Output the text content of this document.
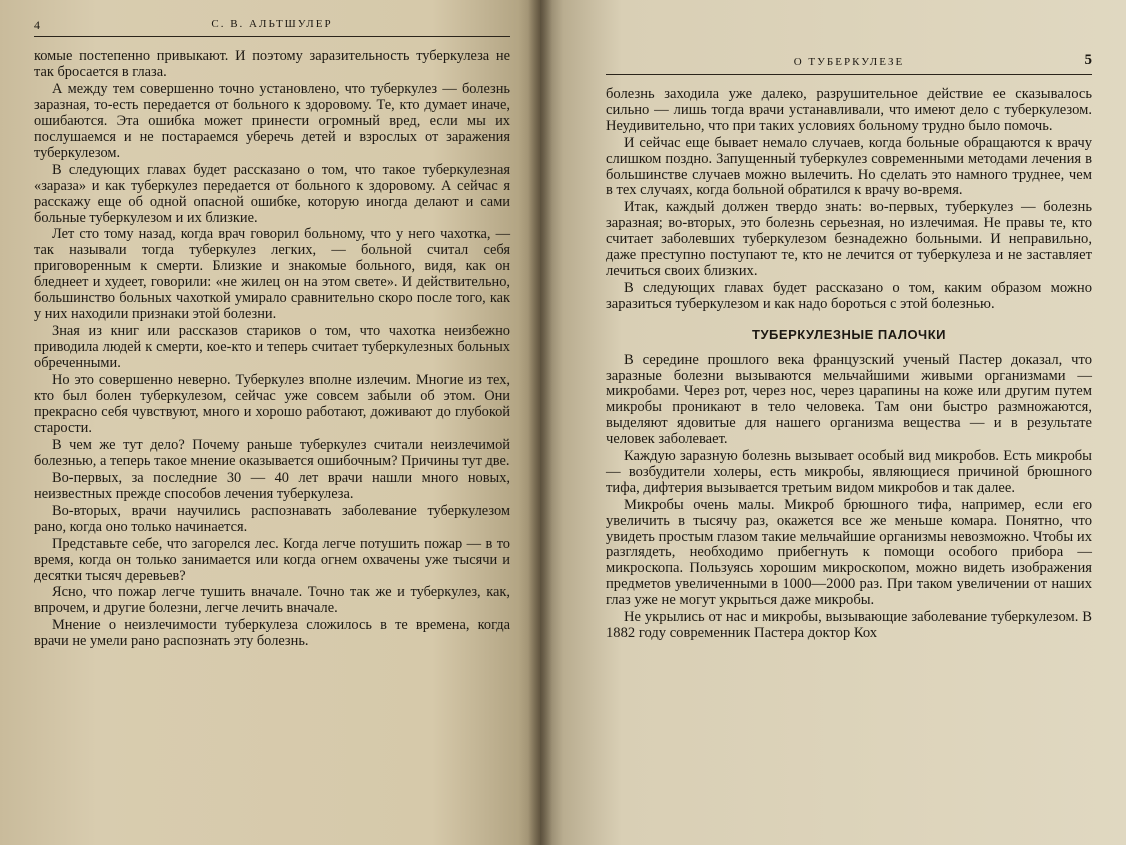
4	С. В. АЛЬТШУЛЕР

комые постепенно привыкают. И поэтому заразительность туберкулеза не так бросается в глаза.

А между тем совершенно точно установлено, что туберкулез — болезнь заразная, то-есть передается от больного к здоровому. Те, кто думает иначе, ошибаются. Эта ошибка может принести огромный вред, если мы их послушаемся и не постараемся уберечь детей и взрослых от заражения туберкулезом.

В следующих главах будет рассказано о том, что такое туберкулезная «зараза» и как туберкулез передается от больного к здоровому. А сейчас я расскажу еще об одной опасной ошибке, которую иногда делают и сами больные туберкулезом и их близкие.

Лет сто тому назад, когда врач говорил больному, что у него чахотка, — так называли тогда туберкулез легких, — больной считал себя приговоренным к смерти. Близкие и знакомые больного, видя, как он бледнеет и худеет, говорили: «не жилец он на этом свете». И действительно, большинство больных чахоткой умирало сравнительно скоро после того, как у них находили признаки этой болезни.

Зная из книг или рассказов стариков о том, что чахотка неизбежно приводила людей к смерти, кое-кто и теперь считает туберкулезных больных обреченными.

Но это совершенно неверно. Туберкулез вполне излечим. Многие из тех, кто был болен туберкулезом, сейчас уже совсем забыли об этом. Они прекрасно себя чувствуют, много и хорошо работают, доживают до глубокой старости.

В чем же тут дело? Почему раньше туберкулез считали неизлечимой болезнью, а теперь такое мнение оказывается ошибочным? Причины тут две.

Во-первых, за последние 30 — 40 лет врачи нашли много новых, неизвестных прежде способов лечения туберкулеза.

Во-вторых, врачи научились распознавать заболевание туберкулезом рано, когда оно только начинается.

Представьте себе, что загорелся лес. Когда легче потушить пожар — в то время, когда он только занимается или когда огнем охвачены уже тысячи и десятки тысяч деревьев?

Ясно, что пожар легче тушить вначале. Точно так же и туберкулез, как, впрочем, и другие болезни, легче лечить вначале.

Мнение о неизлечимости туберкулеза сложилось в те времена, когда врачи не умели рано распознать эту болезнь.

О ТУБЕРКУЛЕЗЕ	5

болезнь заходила уже далеко, разрушительное действие ее сказывалось сильно — лишь тогда врачи устанавливали, что имеют дело с туберкулезом. Неудивительно, что при таких условиях больному трудно было помочь.

И сейчас еще бывает немало случаев, когда больные обращаются к врачу слишком поздно. Запущенный туберкулез современными методами лечения в большинстве случаев можно вылечить. Но сделать это намного труднее, чем в тех случаях, когда больной обратился к врачу во-время.

Итак, каждый должен твердо знать: во-первых, туберкулез — болезнь заразная; во-вторых, это болезнь серьезная, но излечимая. Не правы те, кто считает заболевших туберкулезом безнадежно больными. И неправильно, даже преступно поступают те, кто не лечится от туберкулеза и не заставляет лечиться своих близких.

В следующих главах будет рассказано о том, каким образом можно заразиться туберкулезом и как надо бороться с этой болезнью.

ТУБЕРКУЛЕЗНЫЕ ПАЛОЧКИ

В середине прошлого века французский ученый Пастер доказал, что заразные болезни вызываются мельчайшими живыми организмами — микробами. Через рот, через нос, через царапины на коже или другим путем микробы проникают в тело человека. Там они быстро размножаются, выделяют ядовитые для нашего организма вещества — и в результате человек заболевает.

Каждую заразную болезнь вызывает особый вид микробов. Есть микробы — возбудители холеры, есть микробы, являющиеся причиной брюшного тифа, дифтерия вызывается третьим видом микробов и так далее.

Микробы очень малы. Микроб брюшного тифа, например, если его увеличить в тысячу раз, окажется все же меньше комара. Понятно, что увидеть простым глазом такие мельчайшие организмы невозможно. Чтобы их разглядеть, необходимо прибегнуть к помощи особого прибора — микроскопа. Пользуясь хорошим микроскопом, можно видеть изображения предметов увеличенными в 1000—2000 раз. При таком увеличении от наших глаз уже не могут укрыться даже микробы.

Не укрылись от нас и микробы, вызывающие заболевание туберкулезом. В 1882 году современник Пастера доктор Кох
